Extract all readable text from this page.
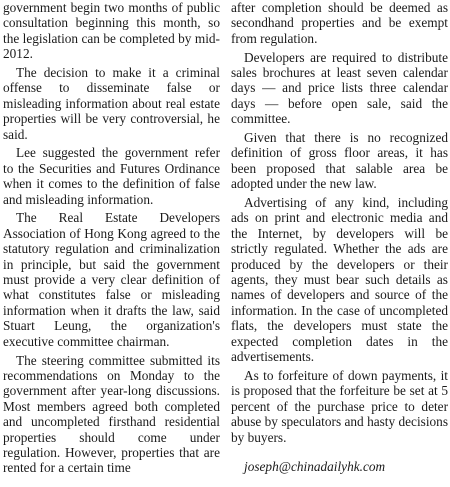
government begin two months of public consultation beginning this month, so the legislation can be completed by mid-2012.

The decision to make it a criminal offense to disseminate false or misleading information about real estate properties will be very controversial, he said.

Lee suggested the government refer to the Securities and Futures Ordinance when it comes to the definition of false and misleading information.

The Real Estate Developers Association of Hong Kong agreed to the statutory regulation and criminalization in principle, but said the government must provide a very clear definition of what constitutes false or misleading information when it drafts the law, said Stuart Leung, the organization's executive committee chairman.

The steering committee submitted its recommendations on Monday to the government after year-long discussions. Most members agreed both completed and uncompleted firsthand residential properties should come under regulation. However, properties that are rented for a certain time

after completion should be deemed as secondhand properties and be exempt from regulation.

Developers are required to distribute sales brochures at least seven calendar days — and price lists three calendar days — before open sale, said the committee.

Given that there is no recognized definition of gross floor areas, it has been proposed that salable area be adopted under the new law.

Advertising of any kind, including ads on print and electronic media and the Internet, by developers will be strictly regulated. Whether the ads are produced by the developers or their agents, they must bear such details as names of developers and source of the information. In the case of uncompleted flats, the developers must state the expected completion dates in the advertisements.

As to forfeiture of down payments, it is proposed that the forfeiture be set at 5 percent of the purchase price to deter abuse by speculators and hasty decisions by buyers.

joseph@chinadailyhk.com
